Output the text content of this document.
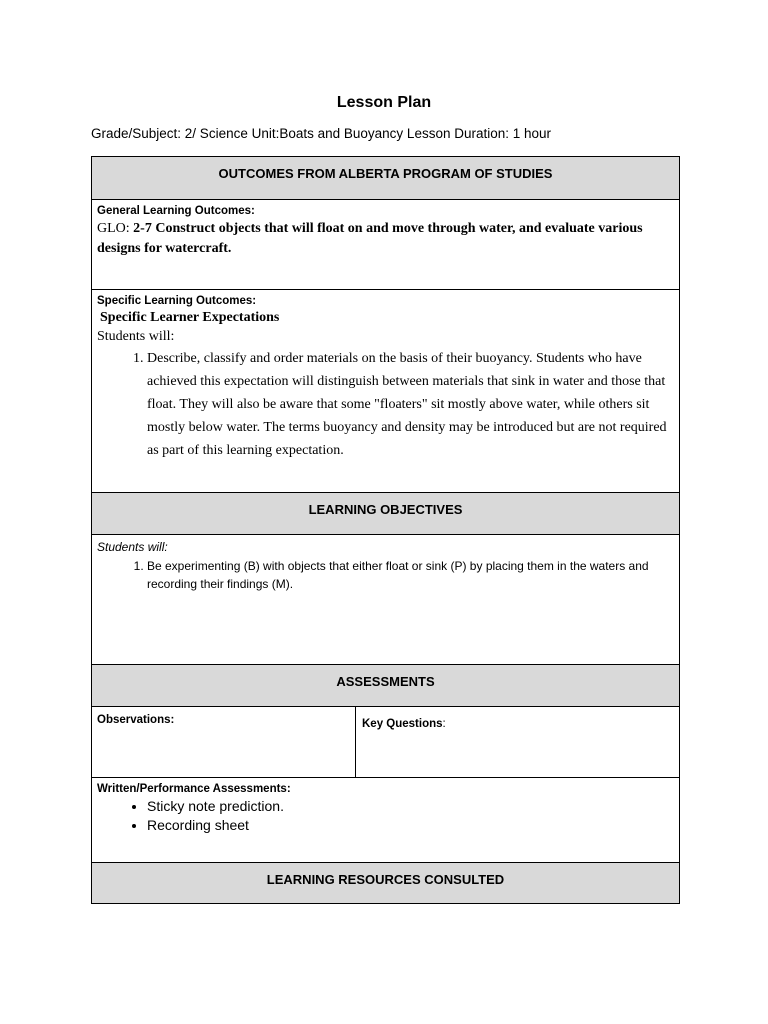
Lesson Plan
Grade/Subject: 2/ Science Unit:Boats and Buoyancy Lesson Duration: 1 hour
OUTCOMES FROM ALBERTA PROGRAM OF STUDIES

General Learning Outcomes:
GLO: 2-7 Construct objects that will float on and move through water, and evaluate various designs for watercraft.

Specific Learning Outcomes:
Specific Learner Expectations
Students will:
1. Describe, classify and order materials on the basis of their buoyancy. Students who have achieved this expectation will distinguish between materials that sink in water and those that float. They will also be aware that some "floaters" sit mostly above water, while others sit mostly below water. The terms buoyancy and density may be introduced but are not required as part of this learning expectation.

LEARNING OBJECTIVES

Students will:
1. Be experimenting (B) with objects that either float or sink (P) by placing them in the waters and recording their findings (M).

ASSESSMENTS

Observations:	Key Questions:

Written/Performance Assessments:
• Sticky note prediction.
• Recording sheet

LEARNING RESOURCES CONSULTED
